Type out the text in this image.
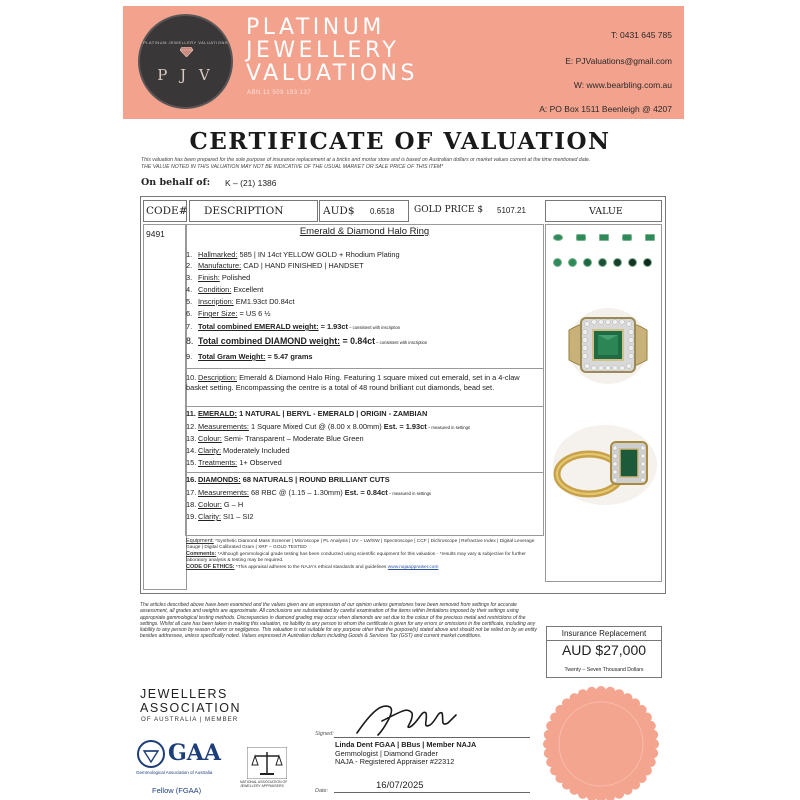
PLATINUM JEWELLERY VALUATIONS
P J V
PLATINUM
JEWELLERY
VALUATIONS
ABN 11 509 193 137
T: 0431 645 785
E: PJValuations@gmail.com
W: www.bearbling.com.au
A: PO Box 1511 Beenleigh @ 4207
CERTIFICATE OF VALUATION
This valuation has been prepared for the sole purpose of insurance replacement at a bricks and mortar store and is based on Australian dollars or market values current at the time mentioned date.
THE VALUE NOTED IN THIS VALUATION MAY NOT BE INDICATIVE OF THE USUAL MARKET OR SALE PRICE OF THIS ITEM*
On behalf of: K – (21) 1386
CODE# DESCRIPTION	AUD$ 0.6518 GOLD PRICE $ 5107.21	VALUE
9491	Emerald & Diamond Halo Ring
1. Hallmarked: 585 | IN 14ct YELLOW GOLD + Rhodium Plating
2. Manufacture: CAD | HAND FINISHED | HANDSET
3. Finish: Polished
4. Condition: Excellent
5. Inscription: EM1.93ct D0.84ct
6. Finger Size: = US 6 ½
7. Total combined EMERALD weight: = 1.93ct – consistent with inscription
8. Total combined DIAMOND weight: = 0.84ct – consistent with inscription
9. Total Gram Weight: = 5.47 grams
10. Description: Emerald & Diamond Halo Ring. Featuring 1 square mixed cut emerald, set in a 4-claw basket setting. Encompassing the centre is a total of 48 round brilliant cut diamonds, bead set.
11. EMERALD: 1 NATURAL | BERYL - EMERALD | ORIGIN - ZAMBIAN
12. Measurements: 1 Square Mixed Cut @ (8.00 x 8.00mm) Est. = 1.93ct – measured in settings
13. Colour: Semi- Transparent – Moderate Blue Green
14. Clarity: Moderately Included
15. Treatments: 1+ Observed
16. DIAMONDS: 68 NATURALS | ROUND BRILLIANT CUTS
17. Measurements: 68 RBC @ (1.15 – 1.30mm) Est. = 0.84ct – measured in settings
18. Colour: G – H
19. Clarity: SI1 – SI2
Equipment: *Synthetic Diamond Mass Screener | Microscope | PL Analysis | UV – LW/SW | Spectroscope | CCF | Dichroscope | Refractive Index | Digital Leverage Gauge | Digital Calibrated Gram | XRF – GOLD TESTED
Comments: *Although gemmological grade testing has been conducted using scientific equipment for this valuation - *results may vary & subjective for further laboratory analysis & testing may be required.
CODE OF ETHICS: *This appraisal adheres to the NAJA's ethical standards and guidelines www.najaappraiser.com
The articles described above have been examined and the values given are an expression of our opinion unless gemstones have been removed from settings for accurate assessment, all grades and weights are approximate. All conclusions are substantiated by careful examination of the items within limitations imposed by their settings using appropriate gemmological testing methods. Discrepancies in diamond grading may occur when diamonds are set due to the colour of the precious metal and restrictions of the settings. Whilst all care has been taken in making this valuation, no liability to any person to whom the certificate is given for any errors or omissions in the certificate, including any liability to any person by reason of error or negligence. This valuation is not suitable for any purpose other than the purpose(s) stated above and should not be relied on by an entity besides addressee, unless specifically noted. Values expressed in Australian dollars including Goods & Services Tax (GST) and current market conditions.	Insurance Replacement
AUD $27,000
Twenty – Seven Thousand Dollars
JEWELLERS
ASSOCIATION
OF AUSTRALIA | MEMBER
GAA
Gemmological Association of Australia
Fellow (FGAA)
NATIONAL ASSOCIATION OF JEWELLERY APPRAISERS
Signed:
Linda Dent FGAA | BBus | Member NAJA
Gemmologist | Diamond Grader
NAJA - Registered Appraiser #22312
Date:	16/07/2025
